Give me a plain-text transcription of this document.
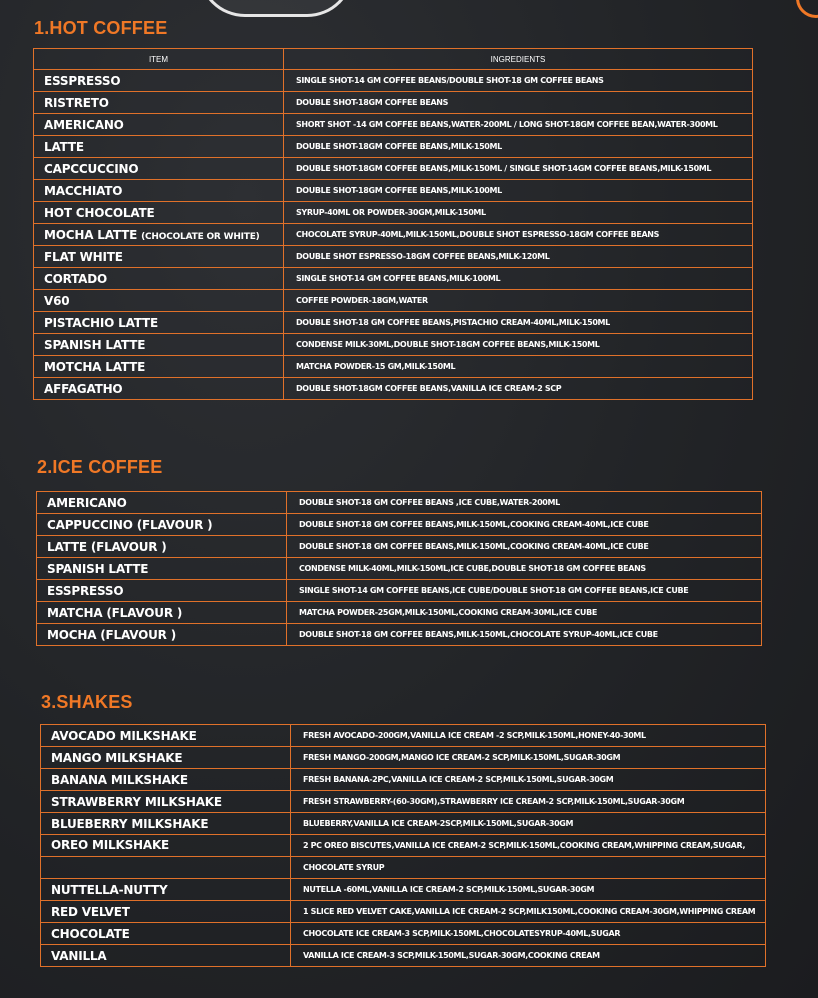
1.HOT COFFEE
ITEM	INGREDIENTS
ESSPRESSO	SINGLE SHOT-14 GM COFFEE BEANS/DOUBLE SHOT-18 GM COFFEE BEANS
RISTRETO	DOUBLE SHOT-18GM COFFEE BEANS
AMERICANO	SHORT SHOT -14 GM COFFEE BEANS,WATER-200ML / LONG SHOT-18GM COFFEE BEAN,WATER-300ML
LATTE	DOUBLE SHOT-18GM COFFEE BEANS,MILK-150ML
CAPCCUCCINO	DOUBLE SHOT-18GM COFFEE BEANS,MILK-150ML / SINGLE SHOT-14GM COFFEE BEANS,MILK-150ML
MACCHIATO	DOUBLE SHOT-18GM COFFEE BEANS,MILK-100ML
HOT CHOCOLATE	SYRUP-40ML OR POWDER-30GM,MILK-150ML
MOCHA LATTE (CHOCOLATE OR WHITE)	CHOCOLATE SYRUP-40ML,MILK-150ML,DOUBLE SHOT ESPRESSO-18GM COFFEE BEANS
FLAT WHITE	DOUBLE SHOT ESPRESSO-18GM COFFEE BEANS,MILK-120ML
CORTADO	SINGLE SHOT-14 GM COFFEE BEANS,MILK-100ML
V60	COFFEE POWDER-18GM,WATER
PISTACHIO LATTE	DOUBLE SHOT-18 GM COFFEE BEANS,PISTACHIO CREAM-40ML,MILK-150ML
SPANISH LATTE	CONDENSE MILK-30ML,DOUBLE SHOT-18GM COFFEE BEANS,MILK-150ML
MOTCHA LATTE	MATCHA POWDER-15 GM,MILK-150ML
AFFAGATHO	DOUBLE SHOT-18GM COFFEE BEANS,VANILLA ICE CREAM-2 SCP
2.ICE COFFEE
AMERICANO	DOUBLE SHOT-18 GM COFFEE BEANS ,ICE CUBE,WATER-200ML
CAPPUCCINO (FLAVOUR )	DOUBLE SHOT-18 GM COFFEE BEANS,MILK-150ML,COOKING CREAM-40ML,ICE CUBE
LATTE (FLAVOUR )	DOUBLE SHOT-18 GM COFFEE BEANS,MILK-150ML,COOKING CREAM-40ML,ICE CUBE
SPANISH LATTE	CONDENSE MILK-40ML,MILK-150ML,ICE CUBE,DOUBLE SHOT-18 GM COFFEE BEANS
ESSPRESSO	SINGLE SHOT-14 GM COFFEE BEANS,ICE CUBE/DOUBLE SHOT-18 GM COFFEE BEANS,ICE CUBE
MATCHA (FLAVOUR )	MATCHA POWDER-25GM,MILK-150ML,COOKING CREAM-30ML,ICE CUBE
MOCHA (FLAVOUR )	DOUBLE SHOT-18 GM COFFEE BEANS,MILK-150ML,CHOCOLATE SYRUP-40ML,ICE CUBE
3.SHAKES
AVOCADO MILKSHAKE	FRESH AVOCADO-200GM,VANILLA ICE CREAM -2 SCP,MILK-150ML,HONEY-40-30ML
MANGO MILKSHAKE	FRESH MANGO-200GM,MANGO ICE CREAM-2 SCP,MILK-150ML,SUGAR-30GM
BANANA MILKSHAKE	FRESH BANANA-2PC,VANILLA ICE CREAM-2 SCP,MILK-150ML,SUGAR-30GM
STRAWBERRY MILKSHAKE	FRESH STRAWBERRY-(60-30GM),STRAWBERRY ICE CREAM-2 SCP,MILK-150ML,SUGAR-30GM
BLUEBERRY MILKSHAKE	BLUEBERRY,VANILLA ICE CREAM-2SCP,MILK-150ML,SUGAR-30GM

OREO MILKSHAKE	2 PC OREO BISCUTES,VANILLA ICE CREAM-2 SCP,MILK-150ML,COOKING CREAM,WHIPPING CREAM,SUGAR,
CHOCOLATE SYRUP

NUTTELLA-NUTTY	NUTELLA -60ML,VANILLA ICE CREAM-2 SCP,MILK-150ML,SUGAR-30GM
RED VELVET	1 SLICE RED VELVET CAKE,VANILLA ICE CREAM-2 SCP,MILK150ML,COOKING CREAM-30GM,WHIPPING CREAM
CHOCOLATE	CHOCOLATE ICE CREAM-3 SCP,MILK-150ML,CHOCOLATESYRUP-40ML,SUGAR
VANILLA	VANILLA ICE CREAM-3 SCP,MILK-150ML,SUGAR-30GM,COOKING CREAM
